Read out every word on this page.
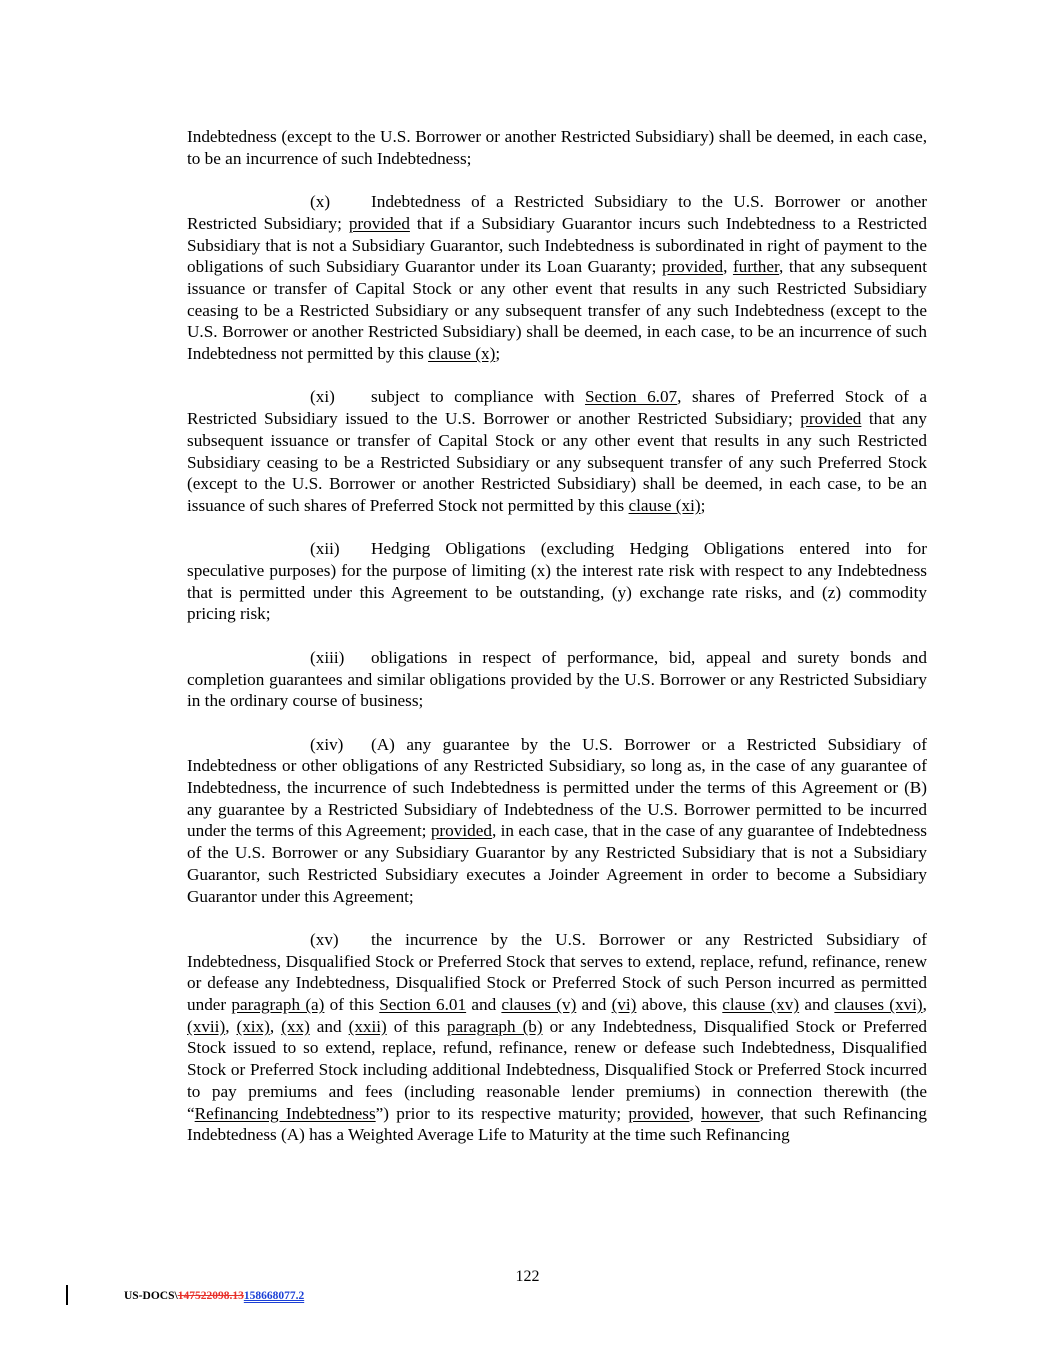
Indebtedness (except to the U.S. Borrower or another Restricted Subsidiary) shall be deemed, in each case, to be an incurrence of such Indebtedness;

(x) Indebtedness of a Restricted Subsidiary to the U.S. Borrower or another Restricted Subsidiary; provided that if a Subsidiary Guarantor incurs such Indebtedness to a Restricted Subsidiary that is not a Subsidiary Guarantor, such Indebtedness is subordinated in right of payment to the obligations of such Subsidiary Guarantor under its Loan Guaranty; provided, further, that any subsequent issuance or transfer of Capital Stock or any other event that results in any such Restricted Subsidiary ceasing to be a Restricted Subsidiary or any subsequent transfer of any such Indebtedness (except to the U.S. Borrower or another Restricted Subsidiary) shall be deemed, in each case, to be an incurrence of such Indebtedness not permitted by this clause (x);

(xi) subject to compliance with Section 6.07, shares of Preferred Stock of a Restricted Subsidiary issued to the U.S. Borrower or another Restricted Subsidiary; provided that any subsequent issuance or transfer of Capital Stock or any other event that results in any such Restricted Subsidiary ceasing to be a Restricted Subsidiary or any subsequent transfer of any such Preferred Stock (except to the U.S. Borrower or another Restricted Subsidiary) shall be deemed, in each case, to be an issuance of such shares of Preferred Stock not permitted by this clause (xi);

(xii) Hedging Obligations (excluding Hedging Obligations entered into for speculative purposes) for the purpose of limiting (x) the interest rate risk with respect to any Indebtedness that is permitted under this Agreement to be outstanding, (y) exchange rate risks, and (z) commodity pricing risk;

(xiii) obligations in respect of performance, bid, appeal and surety bonds and completion guarantees and similar obligations provided by the U.S. Borrower or any Restricted Subsidiary in the ordinary course of business;

(xiv) (A) any guarantee by the U.S. Borrower or a Restricted Subsidiary of Indebtedness or other obligations of any Restricted Subsidiary, so long as, in the case of any guarantee of Indebtedness, the incurrence of such Indebtedness is permitted under the terms of this Agreement or (B) any guarantee by a Restricted Subsidiary of Indebtedness of the U.S. Borrower permitted to be incurred under the terms of this Agreement; provided, in each case, that in the case of any guarantee of Indebtedness of the U.S. Borrower or any Subsidiary Guarantor by any Restricted Subsidiary that is not a Subsidiary Guarantor, such Restricted Subsidiary executes a Joinder Agreement in order to become a Subsidiary Guarantor under this Agreement;

(xv) the incurrence by the U.S. Borrower or any Restricted Subsidiary of Indebtedness, Disqualified Stock or Preferred Stock that serves to extend, replace, refund, refinance, renew or defease any Indebtedness, Disqualified Stock or Preferred Stock of such Person incurred as permitted under paragraph (a) of this Section 6.01 and clauses (v) and (vi) above, this clause (xv) and clauses (xvi), (xvii), (xix), (xx) and (xxii) of this paragraph (b) or any Indebtedness, Disqualified Stock or Preferred Stock issued to so extend, replace, refund, refinance, renew or defease such Indebtedness, Disqualified Stock or Preferred Stock including additional Indebtedness, Disqualified Stock or Preferred Stock incurred to pay premiums and fees (including reasonable lender premiums) in connection therewith (the “Refinancing Indebtedness”) prior to its respective maturity; provided, however, that such Refinancing Indebtedness (A) has a Weighted Average Life to Maturity at the time such Refinancing

122
US-DOCS\147522098.13158668077.2
